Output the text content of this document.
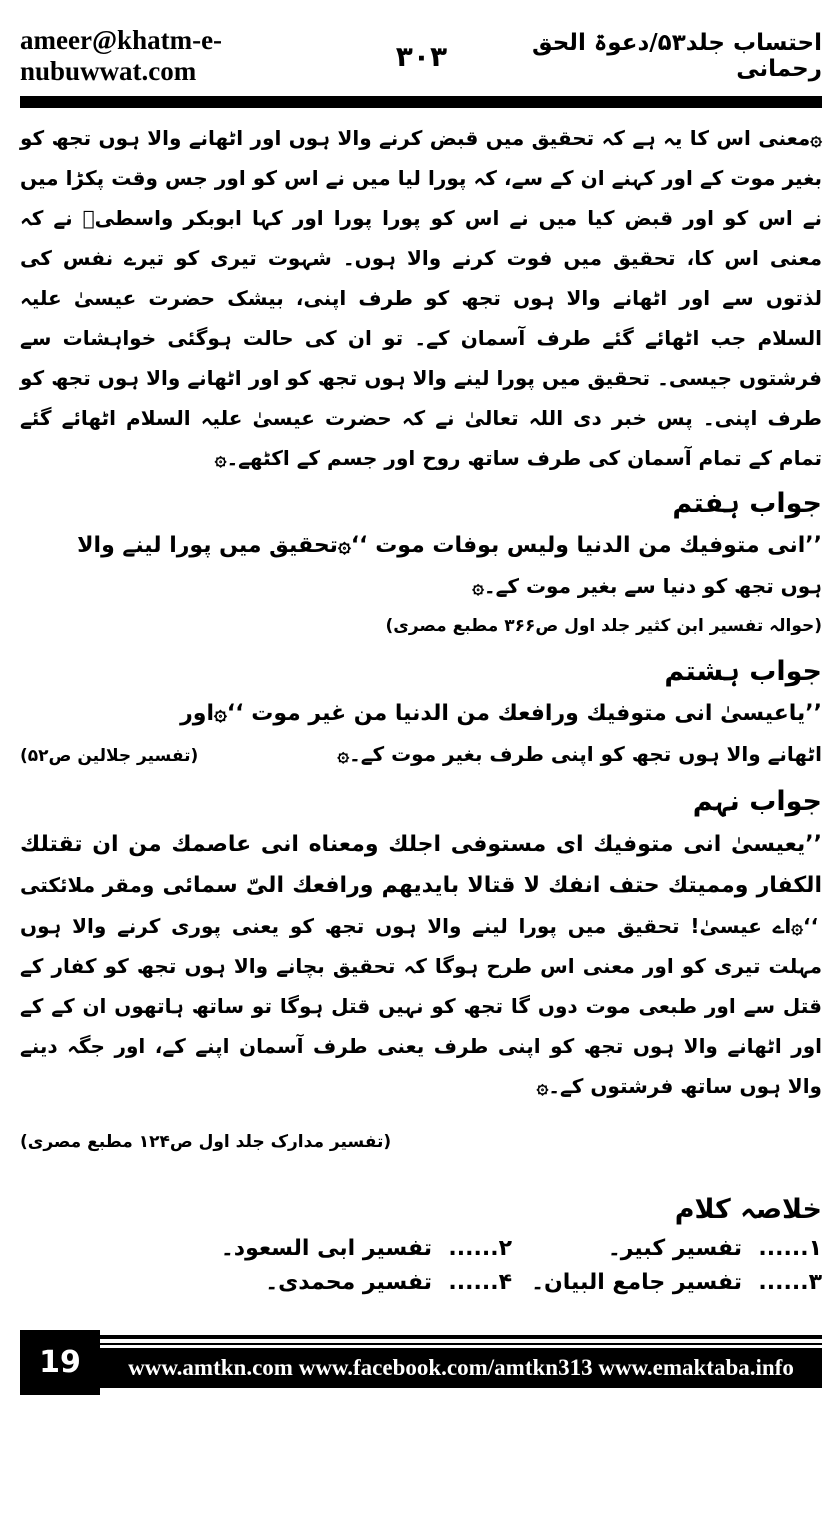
ameer@khatm-e-nubuwwat.com	۳۰۳	احتساب جلد۵۳/دعوۃ الحق رحمانی
۞معنی اس کا یہ ہے کہ تحقیق میں قبض کرنے والا ہوں اور اٹھانے والا ہوں تجھ کو بغیر موت کے اور کہنے ان کے سے، کہ پورا لیا میں نے اس کو اور جس وقت پکڑا میں نے اس کو اور قبض کیا میں نے اس کو پورا پورا اور کہا ابوبکر واسطیؒ نے کہ معنی اس کا، تحقیق میں فوت کرنے والا ہوں۔ شہوت تیری کو تیرے نفس کی لذتوں سے اور اٹھانے والا ہوں تجھ کو طرف اپنی، بیشک حضرت عیسیٰ علیہ السلام جب اٹھائے گئے طرف آسمان کے۔ تو ان کی حالت ہوگئی خواہشات سے فرشتوں جیسی۔ تحقیق میں پورا لینے والا ہوں تجھ کو اور اٹھانے والا ہوں تجھ کو طرف اپنی۔ پس خبر دی اللہ تعالیٰ نے کہ حضرت عیسیٰ علیہ السلام اٹھائے گئے تمام کے تمام آسمان کی طرف ساتھ روح اور جسم کے اکٹھے۔۞
جواب ہفتم
’’انی متوفیك من الدنیا ولیس بوفات موت ‘‘۞تحقیق میں پورا لینے والا
ہوں تجھ کو دنیا سے بغیر موت کے۔۞
(حوالہ تفسیر ابن کثیر جلد اول ص۳۶۶ مطبع مصری)
جواب ہشتم
’’یاعیسیٰ انی متوفیك ورافعك من الدنیا من غیر موت ‘‘۞اور
اٹھانے والا ہوں تجھ کو اپنی طرف بغیر موت کے۔۞
(تفسیر جلالین ص۵۲)
جواب نہم
’’یعیسیٰ انی متوفیك ای مستوفی اجلك ومعناه انی عاصمك من ان تقتلك الکفار وممیتك حتف انفك لا قتالا بایدیهم ورافعك الیّ سمائی ومقر ملائکتی ‘‘۞اے عیسیٰ! تحقیق میں پورا لینے والا ہوں تجھ کو یعنی پوری کرنے والا ہوں مہلت تیری کو اور معنی اس طرح ہوگا کہ تحقیق بچانے والا ہوں تجھ کو کفار کے قتل سے اور طبعی موت دوں گا تجھ کو نہیں قتل ہوگا تو ساتھ ہاتھوں ان کے کے اور اٹھانے والا ہوں تجھ کو اپنی طرف یعنی طرف آسمان اپنے کے، اور جگہ دینے والا ہوں ساتھ فرشتوں کے۔۞
(تفسیر مدارک جلد اول ص۱۲۴ مطبع مصری)
خلاصہ کلام
۱......
تفسیر کبیر۔
۲......
تفسیر ابی السعود۔
۳......
تفسیر جامع البیان۔
۴......
تفسیر محمدی۔
19	www.amtkn.com www.facebook.com/amtkn313 www.emaktaba.info
